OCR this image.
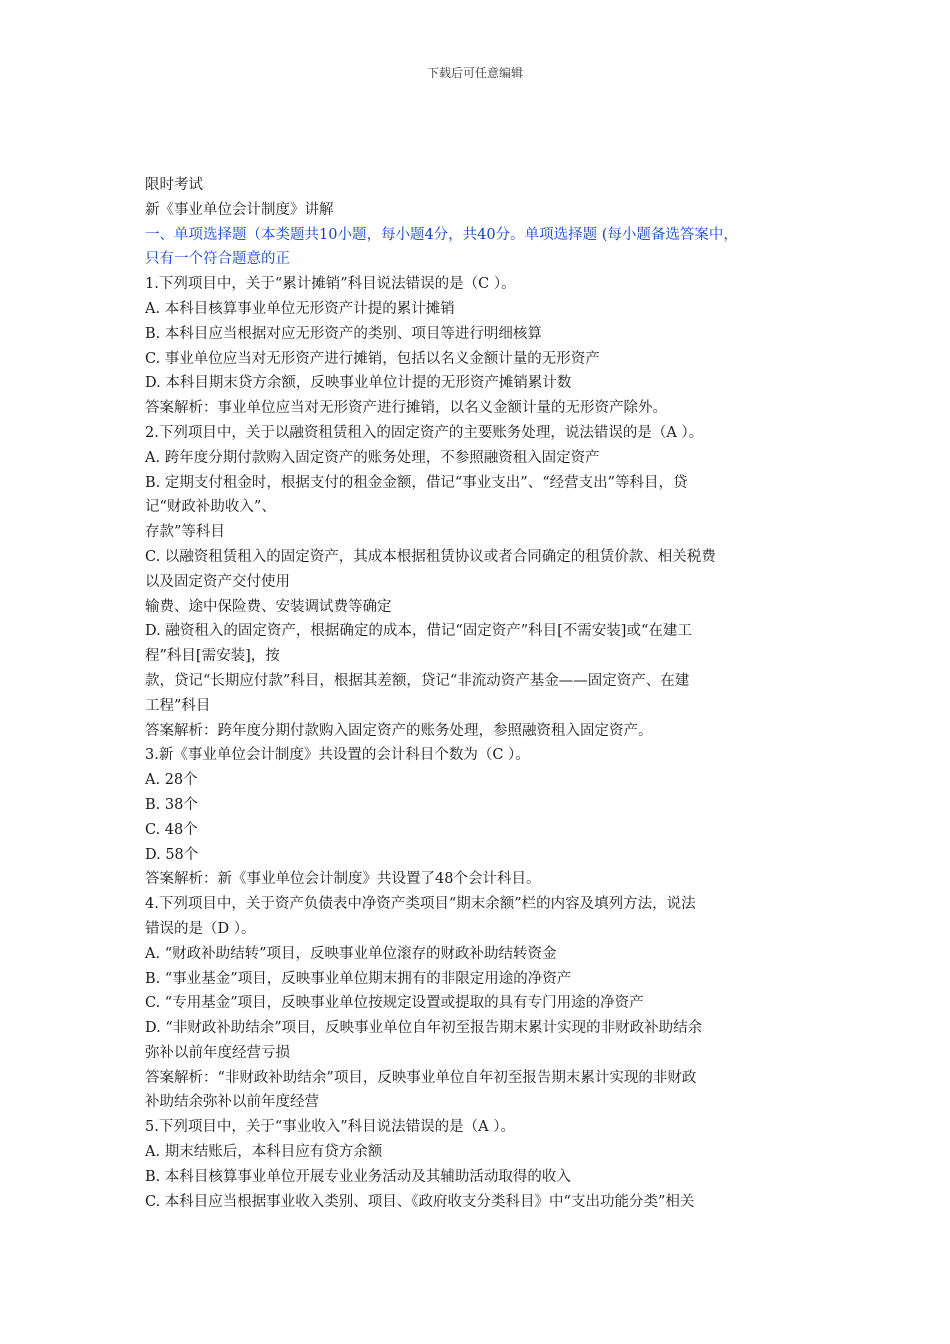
下载后可任意编辑
限时考试
新《事业单位会计制度》讲解
一、单项选择题（本类题共10小题，每小题4分，共40分。单项选择题 (每小题备选答案中，
只有一个符合题意的正
1.下列项目中，关于“累计摊销”科目说法错误的是（C ）。
A. 本科目核算事业单位无形资产计提的累计摊销
B. 本科目应当根据对应无形资产的类别、项目等进行明细核算
C. 事业单位应当对无形资产进行摊销，包括以名义金额计量的无形资产
D. 本科目期末贷方余额，反映事业单位计提的无形资产摊销累计数
答案解析：事业单位应当对无形资产进行摊销，以名义金额计量的无形资产除外。
2.下列项目中，关于以融资租赁租入的固定资产的主要账务处理，说法错误的是（A ）。
A. 跨年度分期付款购入固定资产的账务处理，不参照融资租入固定资产
B. 定期支付租金时，根据支付的租金金额，借记“事业支出”、“经营支出”等科目，贷
记“财政补助收入”、
存款”等科目
C. 以融资租赁租入的固定资产，其成本根据租赁协议或者合同确定的租赁价款、相关税费
以及固定资产交付使用
输费、途中保险费、安装调试费等确定
D. 融资租入的固定资产，根据确定的成本，借记“固定资产”科目[不需安装]或“在建工
程”科目[需安装]，按
款，贷记“长期应付款”科目，根据其差额，贷记“非流动资产基金——固定资产、在建
工程”科目
答案解析：跨年度分期付款购入固定资产的账务处理，参照融资租入固定资产。
3.新《事业单位会计制度》共设置的会计科目个数为（C ）。
A. 28个
B. 38个
C. 48个
D. 58个
答案解析：新《事业单位会计制度》共设置了48个会计科目。
4.下列项目中，关于资产负债表中净资产类项目“期末余额”栏的内容及填列方法，说法
错误的是（D ）。
A. “财政补助结转”项目，反映事业单位滚存的财政补助结转资金
B. “事业基金”项目，反映事业单位期末拥有的非限定用途的净资产
C. “专用基金”项目，反映事业单位按规定设置或提取的具有专门用途的净资产
D. “非财政补助结余”项目，反映事业单位自年初至报告期末累计实现的非财政补助结余
弥补以前年度经营亏损
答案解析：“非财政补助结余”项目，反映事业单位自年初至报告期末累计实现的非财政
补助结余弥补以前年度经营
5.下列项目中，关于“事业收入”科目说法错误的是（A ）。
A. 期末结账后，本科目应有贷方余额
B. 本科目核算事业单位开展专业业务活动及其辅助活动取得的收入
C. 本科目应当根据事业收入类别、项目、《政府收支分类科目》中“支出功能分类”相关
